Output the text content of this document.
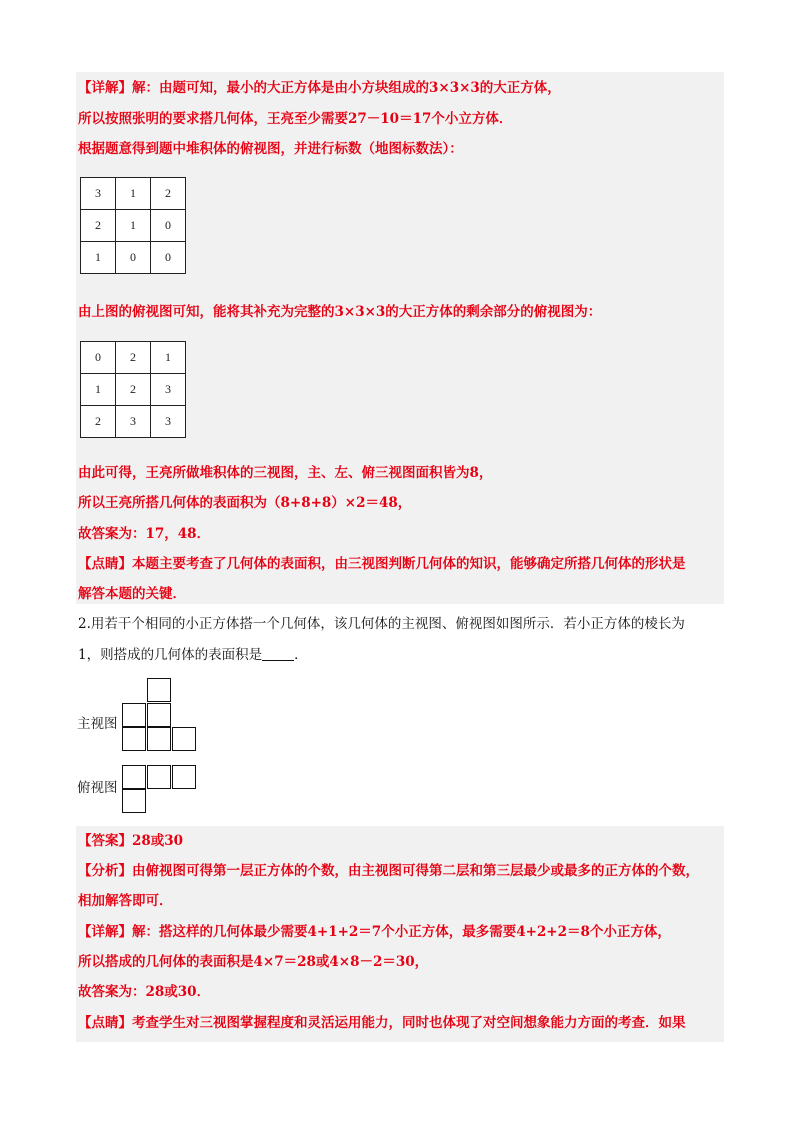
【详解】解：由题可知，最小的大正方体是由小方块组成的3×3×3的大正方体，
所以按照张明的要求搭几何体，王亮至少需要27－10＝17个小立方体．
根据题意得到题中堆积体的俯视图，并进行标数（地图标数法）：
3	1	2
2	1	0
1	0	0
由上图的俯视图可知，能将其补充为完整的3×3×3的大正方体的剩余部分的俯视图为：
0	2	1
1	2	3
2	3	3
由此可得，王亮所做堆积体的三视图，主、左、俯三视图面积皆为8，
所以王亮所搭几何体的表面积为（8+8+8）×2＝48，
故答案为：17，48．
【点睛】本题主要考查了几何体的表面积，由三视图判断几何体的知识，能够确定所搭几何体的形状是
解答本题的关键．
2.用若干个相同的小正方体搭一个几何体，该几何体的主视图、俯视图如图所示．若小正方体的棱长为
1，则搭成的几何体的表面积是 ．
主视图
俯视图
【答案】28或30
【分析】由俯视图可得第一层正方体的个数，由主视图可得第二层和第三层最少或最多的正方体的个数，
相加解答即可．
【详解】解：搭这样的几何体最少需要4+1+2＝7个小正方体，最多需要4+2+2＝8个小正方体，
所以搭成的几何体的表面积是4×7＝28或4×8－2＝30，
故答案为：28或30．
【点睛】考查学生对三视图掌握程度和灵活运用能力，同时也体现了对空间想象能力方面的考查．如果
